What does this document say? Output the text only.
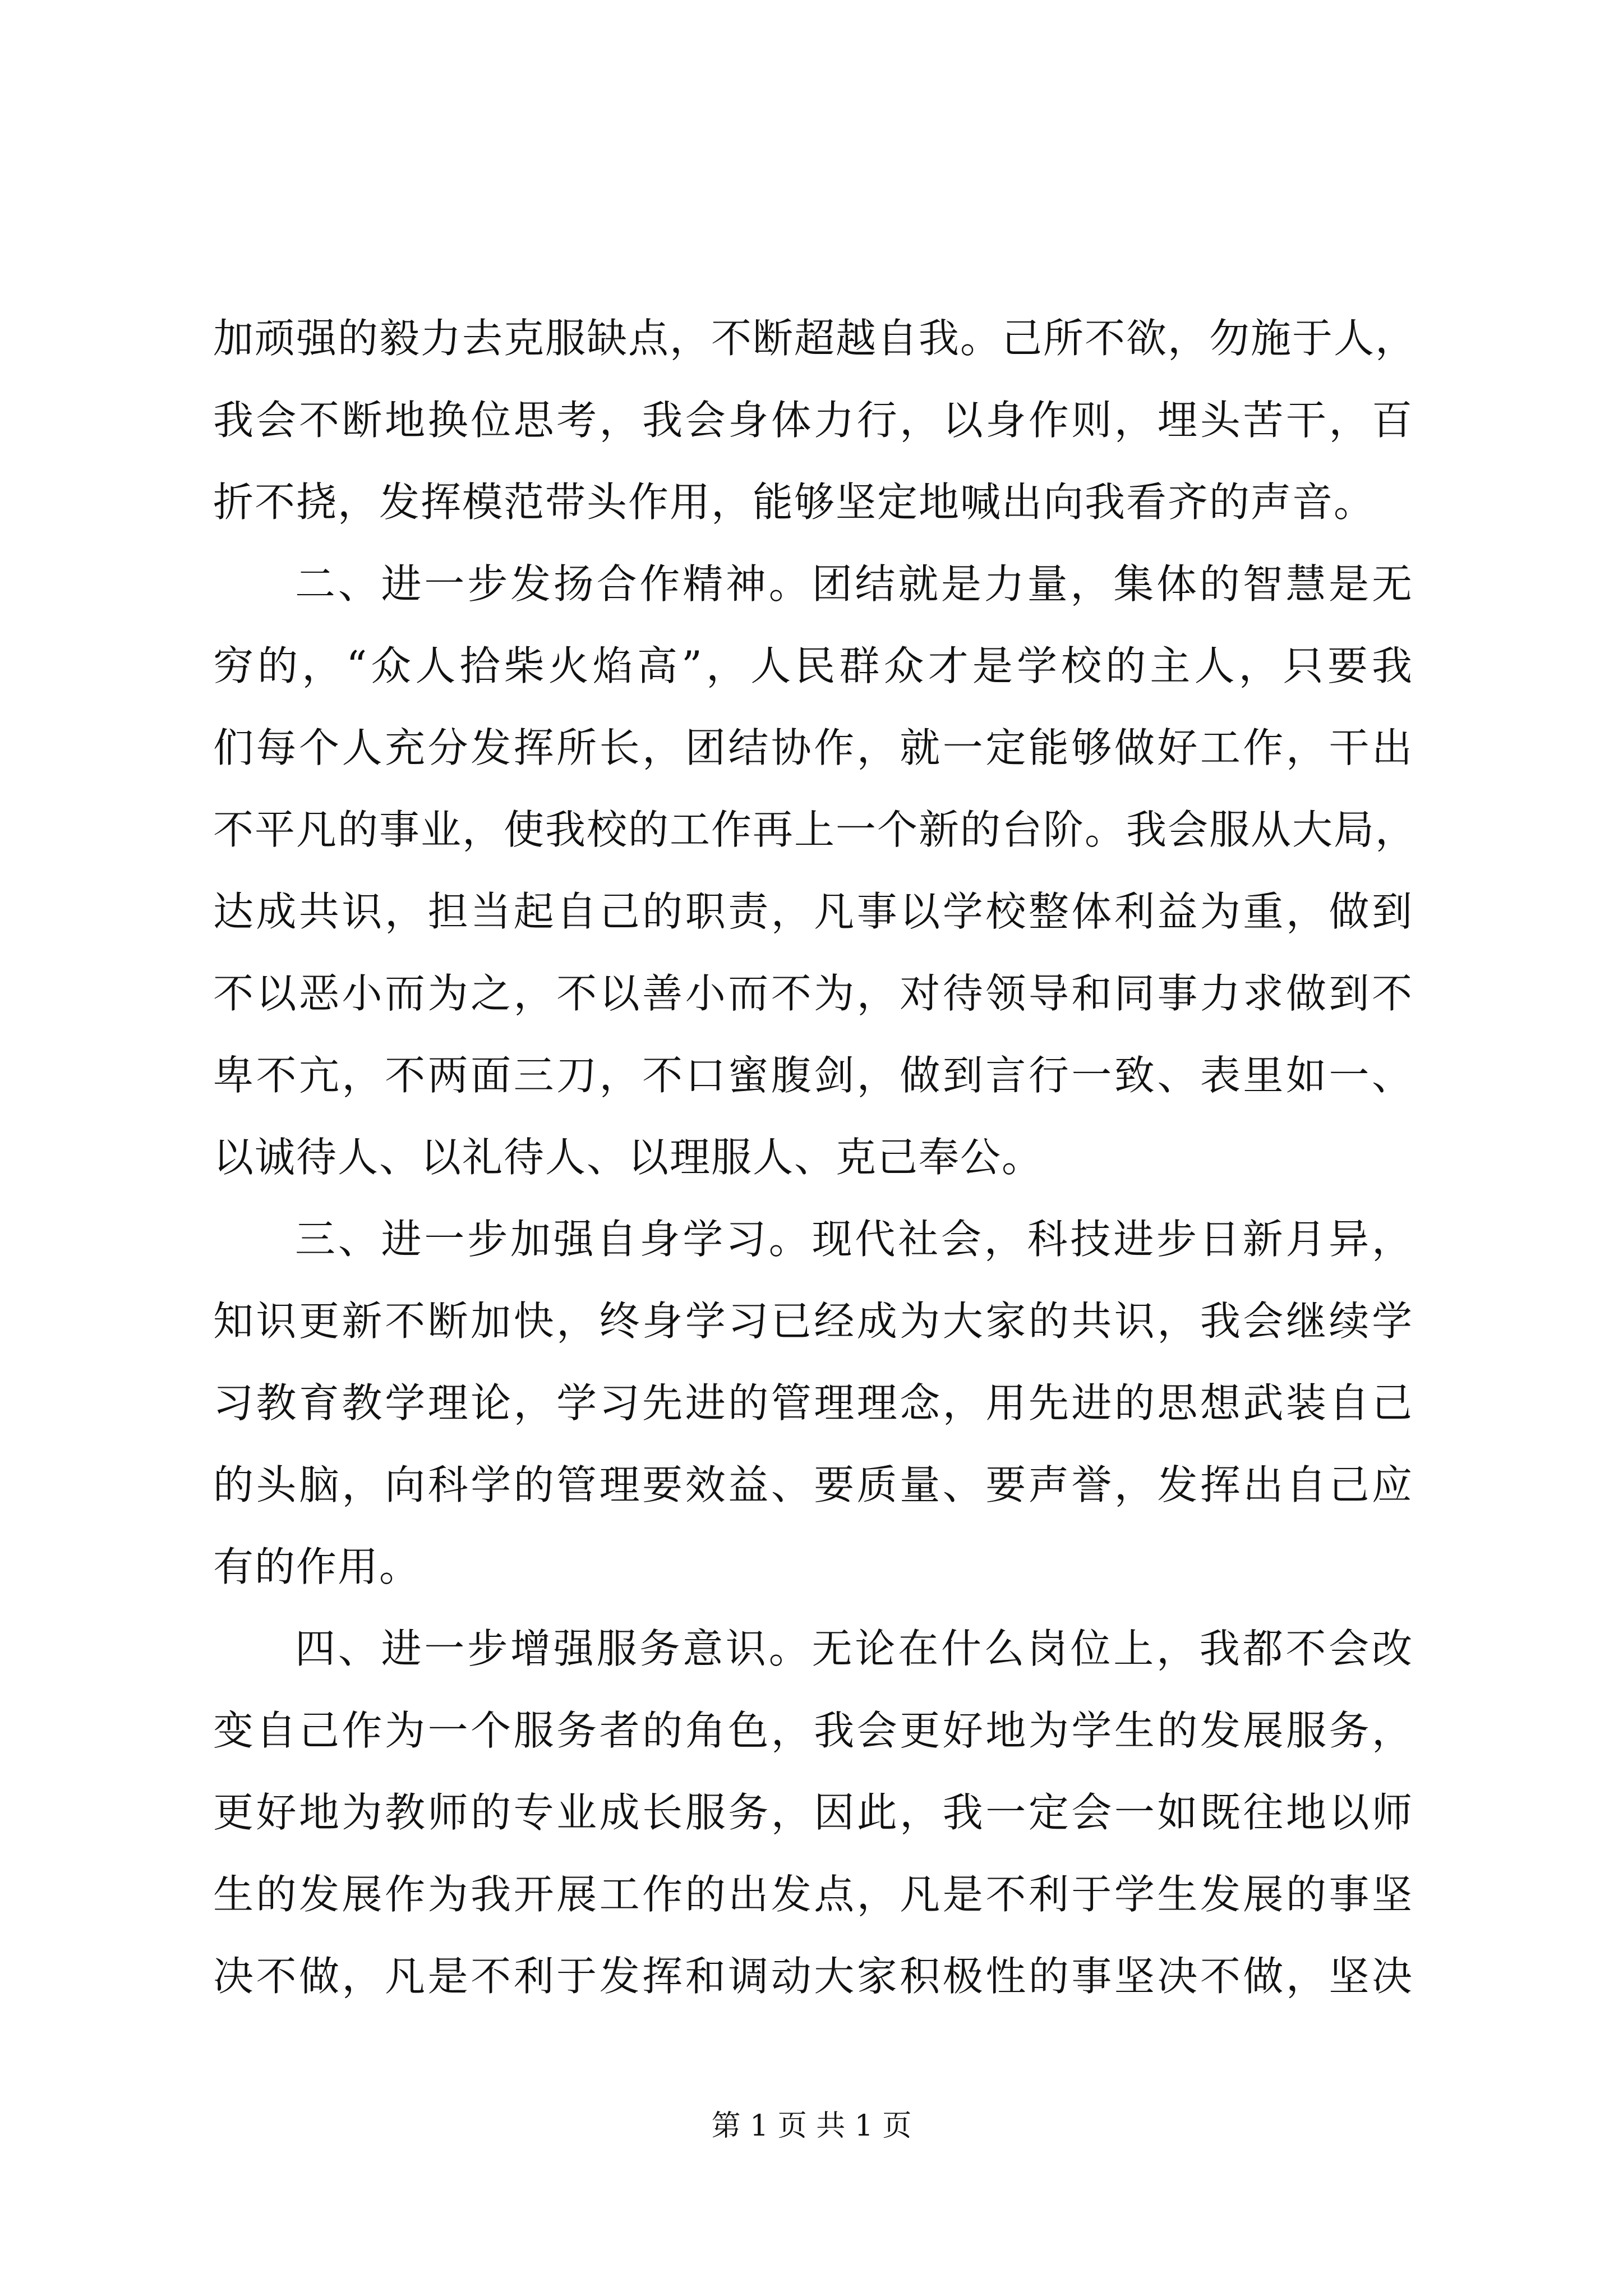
加顽强的毅力去克服缺点，不断超越自我。己所不欲，勿施于人，
我会不断地换位思考，我会身体力行，以身作则，埋头苦干，百
折不挠，发挥模范带头作用，能够坚定地喊出向我看齐的声音。
二、进一步发扬合作精神。团结就是力量，集体的智慧是无
穷的，“众人拾柴火焰高”，人民群众才是学校的主人，只要我
们每个人充分发挥所长，团结协作，就一定能够做好工作，干出
不平凡的事业，使我校的工作再上一个新的台阶。我会服从大局，
达成共识，担当起自己的职责，凡事以学校整体利益为重，做到
不以恶小而为之，不以善小而不为，对待领导和同事力求做到不
卑不亢，不两面三刀，不口蜜腹剑，做到言行一致、表里如一、
以诚待人、以礼待人、以理服人、克己奉公。
三、进一步加强自身学习。现代社会，科技进步日新月异，
知识更新不断加快，终身学习已经成为大家的共识，我会继续学
习教育教学理论，学习先进的管理理念，用先进的思想武装自己
的头脑，向科学的管理要效益、要质量、要声誉，发挥出自己应
有的作用。
四、进一步增强服务意识。无论在什么岗位上，我都不会改
变自己作为一个服务者的角色，我会更好地为学生的发展服务，
更好地为教师的专业成长服务，因此，我一定会一如既往地以师
生的发展作为我开展工作的出发点，凡是不利于学生发展的事坚
决不做，凡是不利于发挥和调动大家积极性的事坚决不做，坚决
第 1 页 共 1 页
